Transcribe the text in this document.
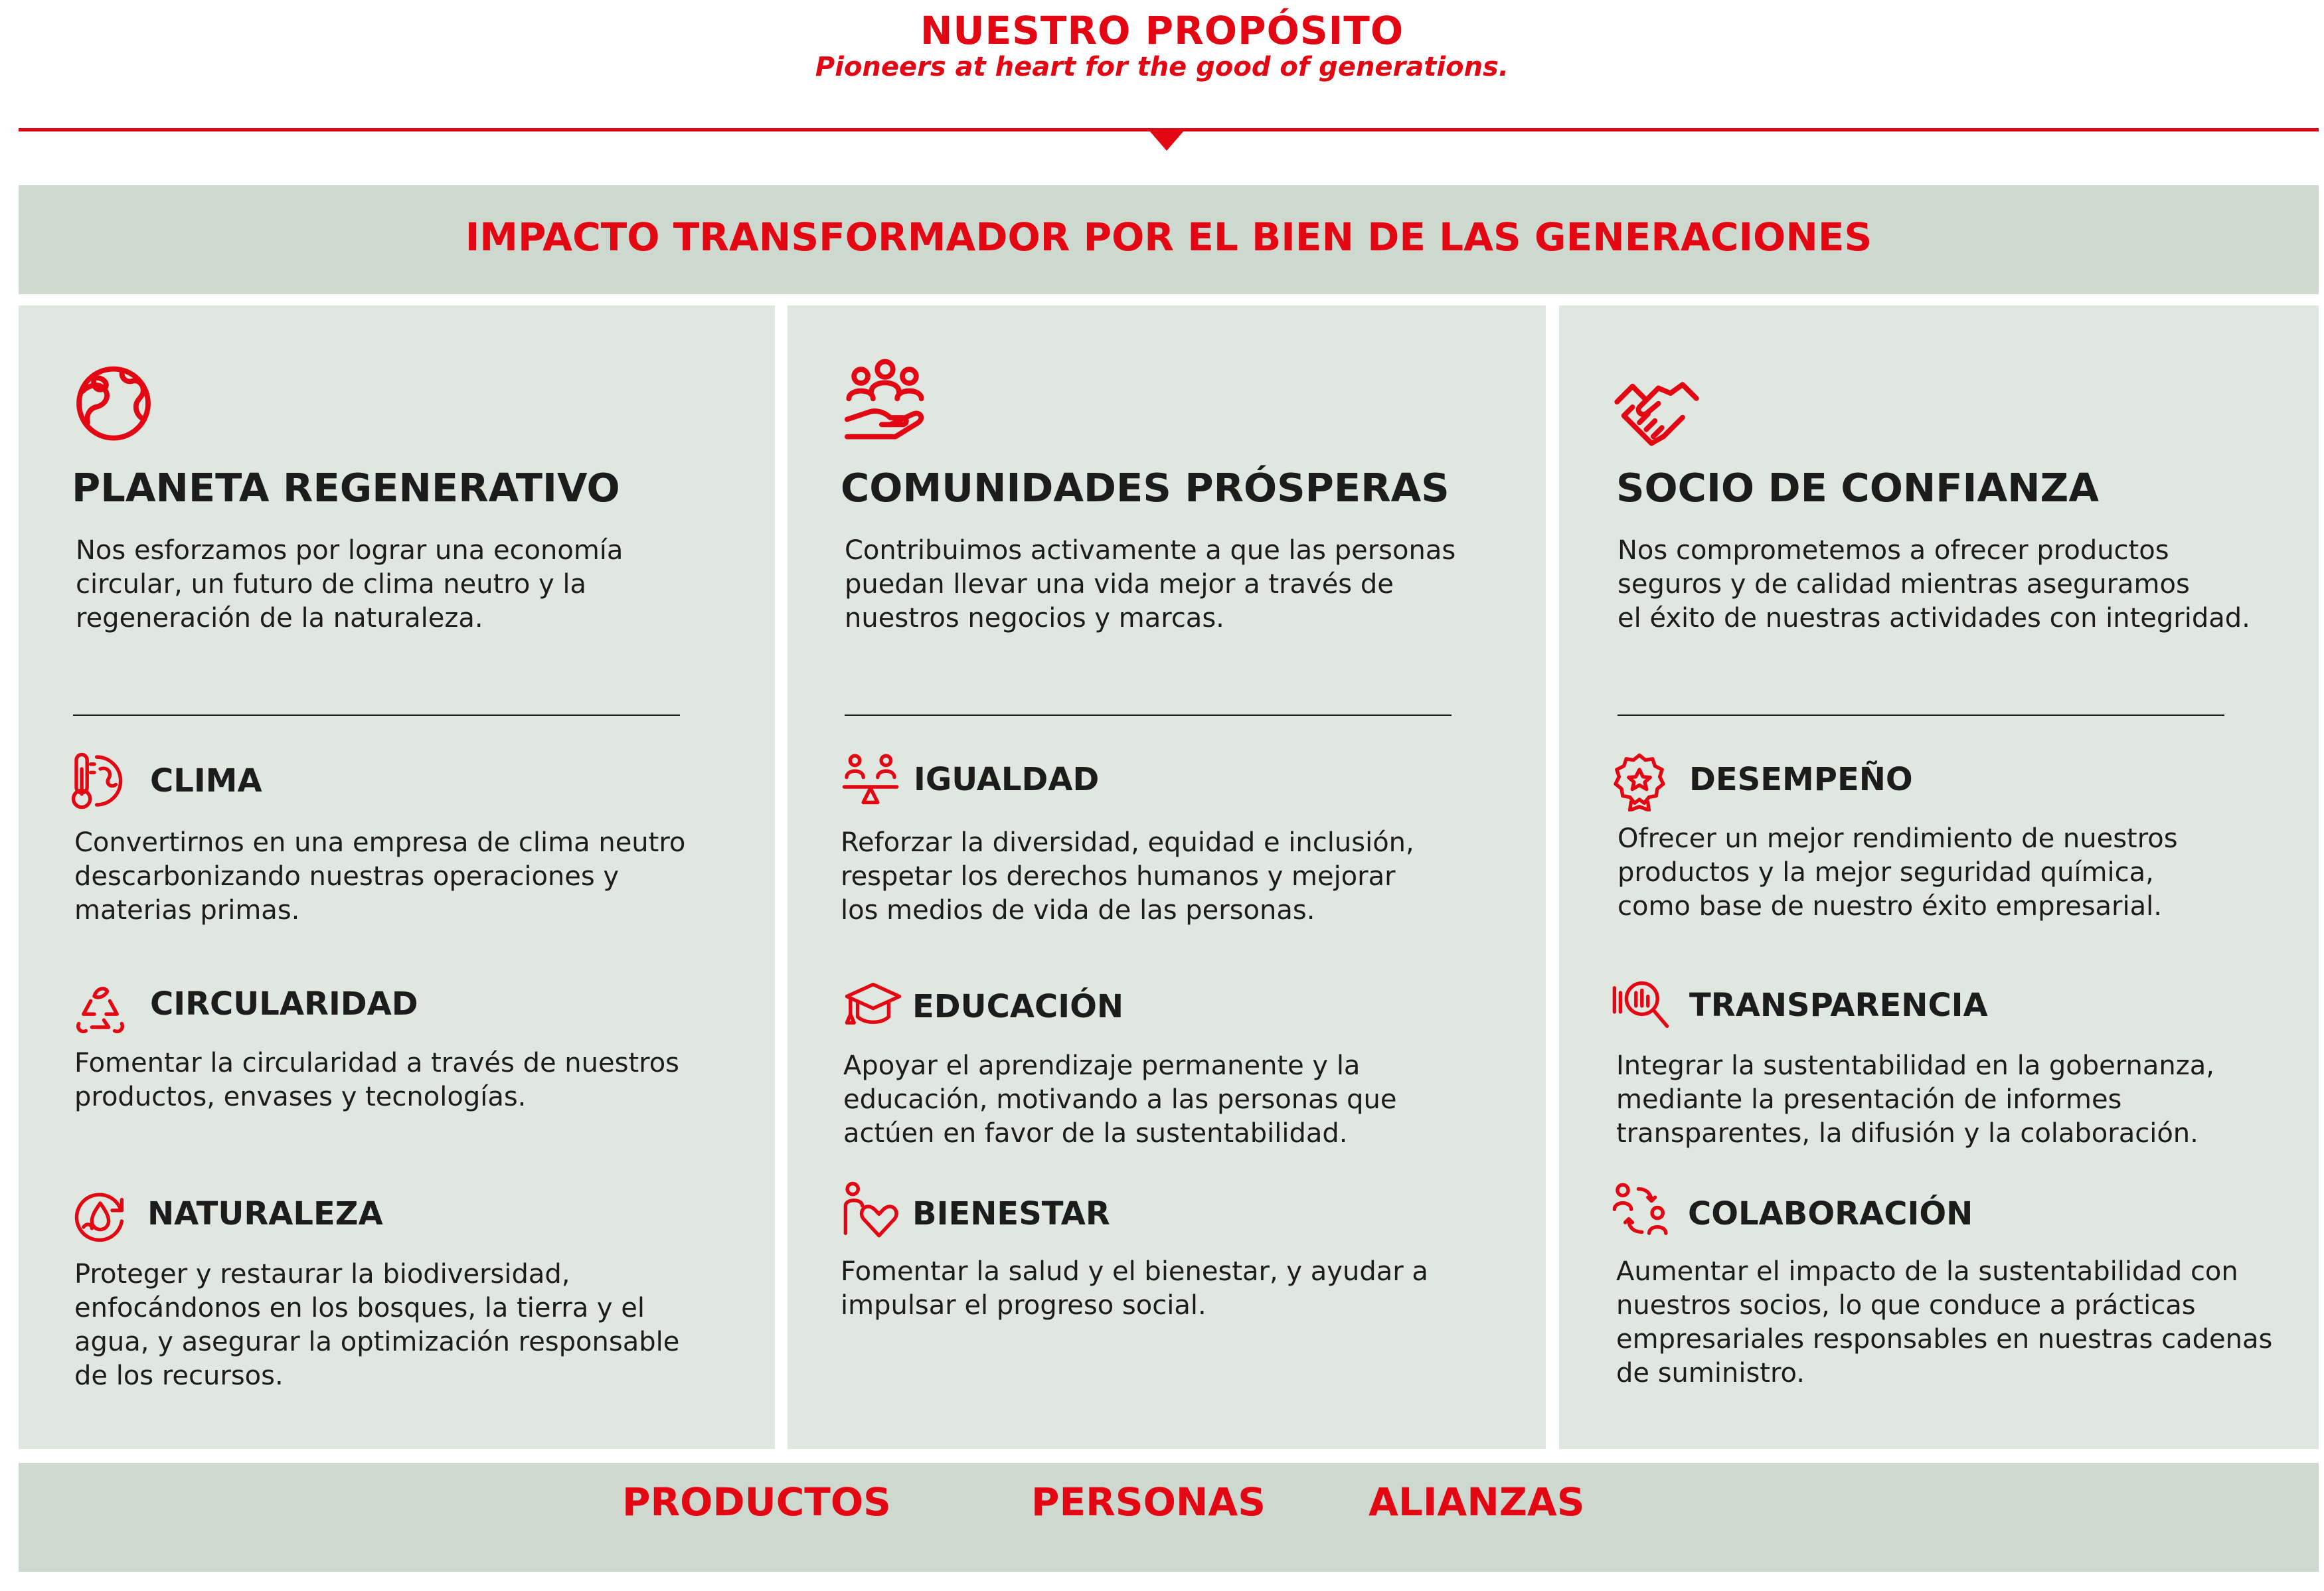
NUESTRO PROPÓSITO
Pioneers at heart for the good of generations.
IMPACTO TRANSFORMADOR POR EL BIEN DE LAS GENERACIONES
PLANETA REGENERATIVO
Nos esforzamos por lograr una economía
circular, un futuro de clima neutro y la
regeneración de la naturaleza.
CLIMA
Convertirnos en una empresa de clima neutro
descarbonizando nuestras operaciones y
materias primas.
CIRCULARIDAD
Fomentar la circularidad a través de nuestros
productos, envases y tecnologías.
NATURALEZA
Proteger y restaurar la biodiversidad,
enfocándonos en los bosques, la tierra y el
agua, y asegurar la optimización responsable
de los recursos.
COMUNIDADES PRÓSPERAS
Contribuimos activamente a que las personas
puedan llevar una vida mejor a través de
nuestros negocios y marcas.
IGUALDAD
Reforzar la diversidad, equidad e inclusión,
respetar los derechos humanos y mejorar
los medios de vida de las personas.
EDUCACIÓN
Apoyar el aprendizaje permanente y la
educación, motivando a las personas que
actúen en favor de la sustentabilidad.
BIENESTAR
Fomentar la salud y el bienestar, y ayudar a
impulsar el progreso social.
SOCIO DE CONFIANZA
Nos comprometemos a ofrecer productos
seguros y de calidad mientras aseguramos
el éxito de nuestras actividades con integridad.
DESEMPEÑO
Ofrecer un mejor rendimiento de nuestros
productos y la mejor seguridad química,
como base de nuestro éxito empresarial.
TRANSPARENCIA
Integrar la sustentabilidad en la gobernanza,
mediante la presentación de informes
transparentes, la difusión y la colaboración.
COLABORACIÓN
Aumentar el impacto de la sustentabilidad con
nuestros socios, lo que conduce a prácticas
empresariales responsables en nuestras cadenas
de suministro.
PRODUCTOS	PERSONAS	ALIANZAS
